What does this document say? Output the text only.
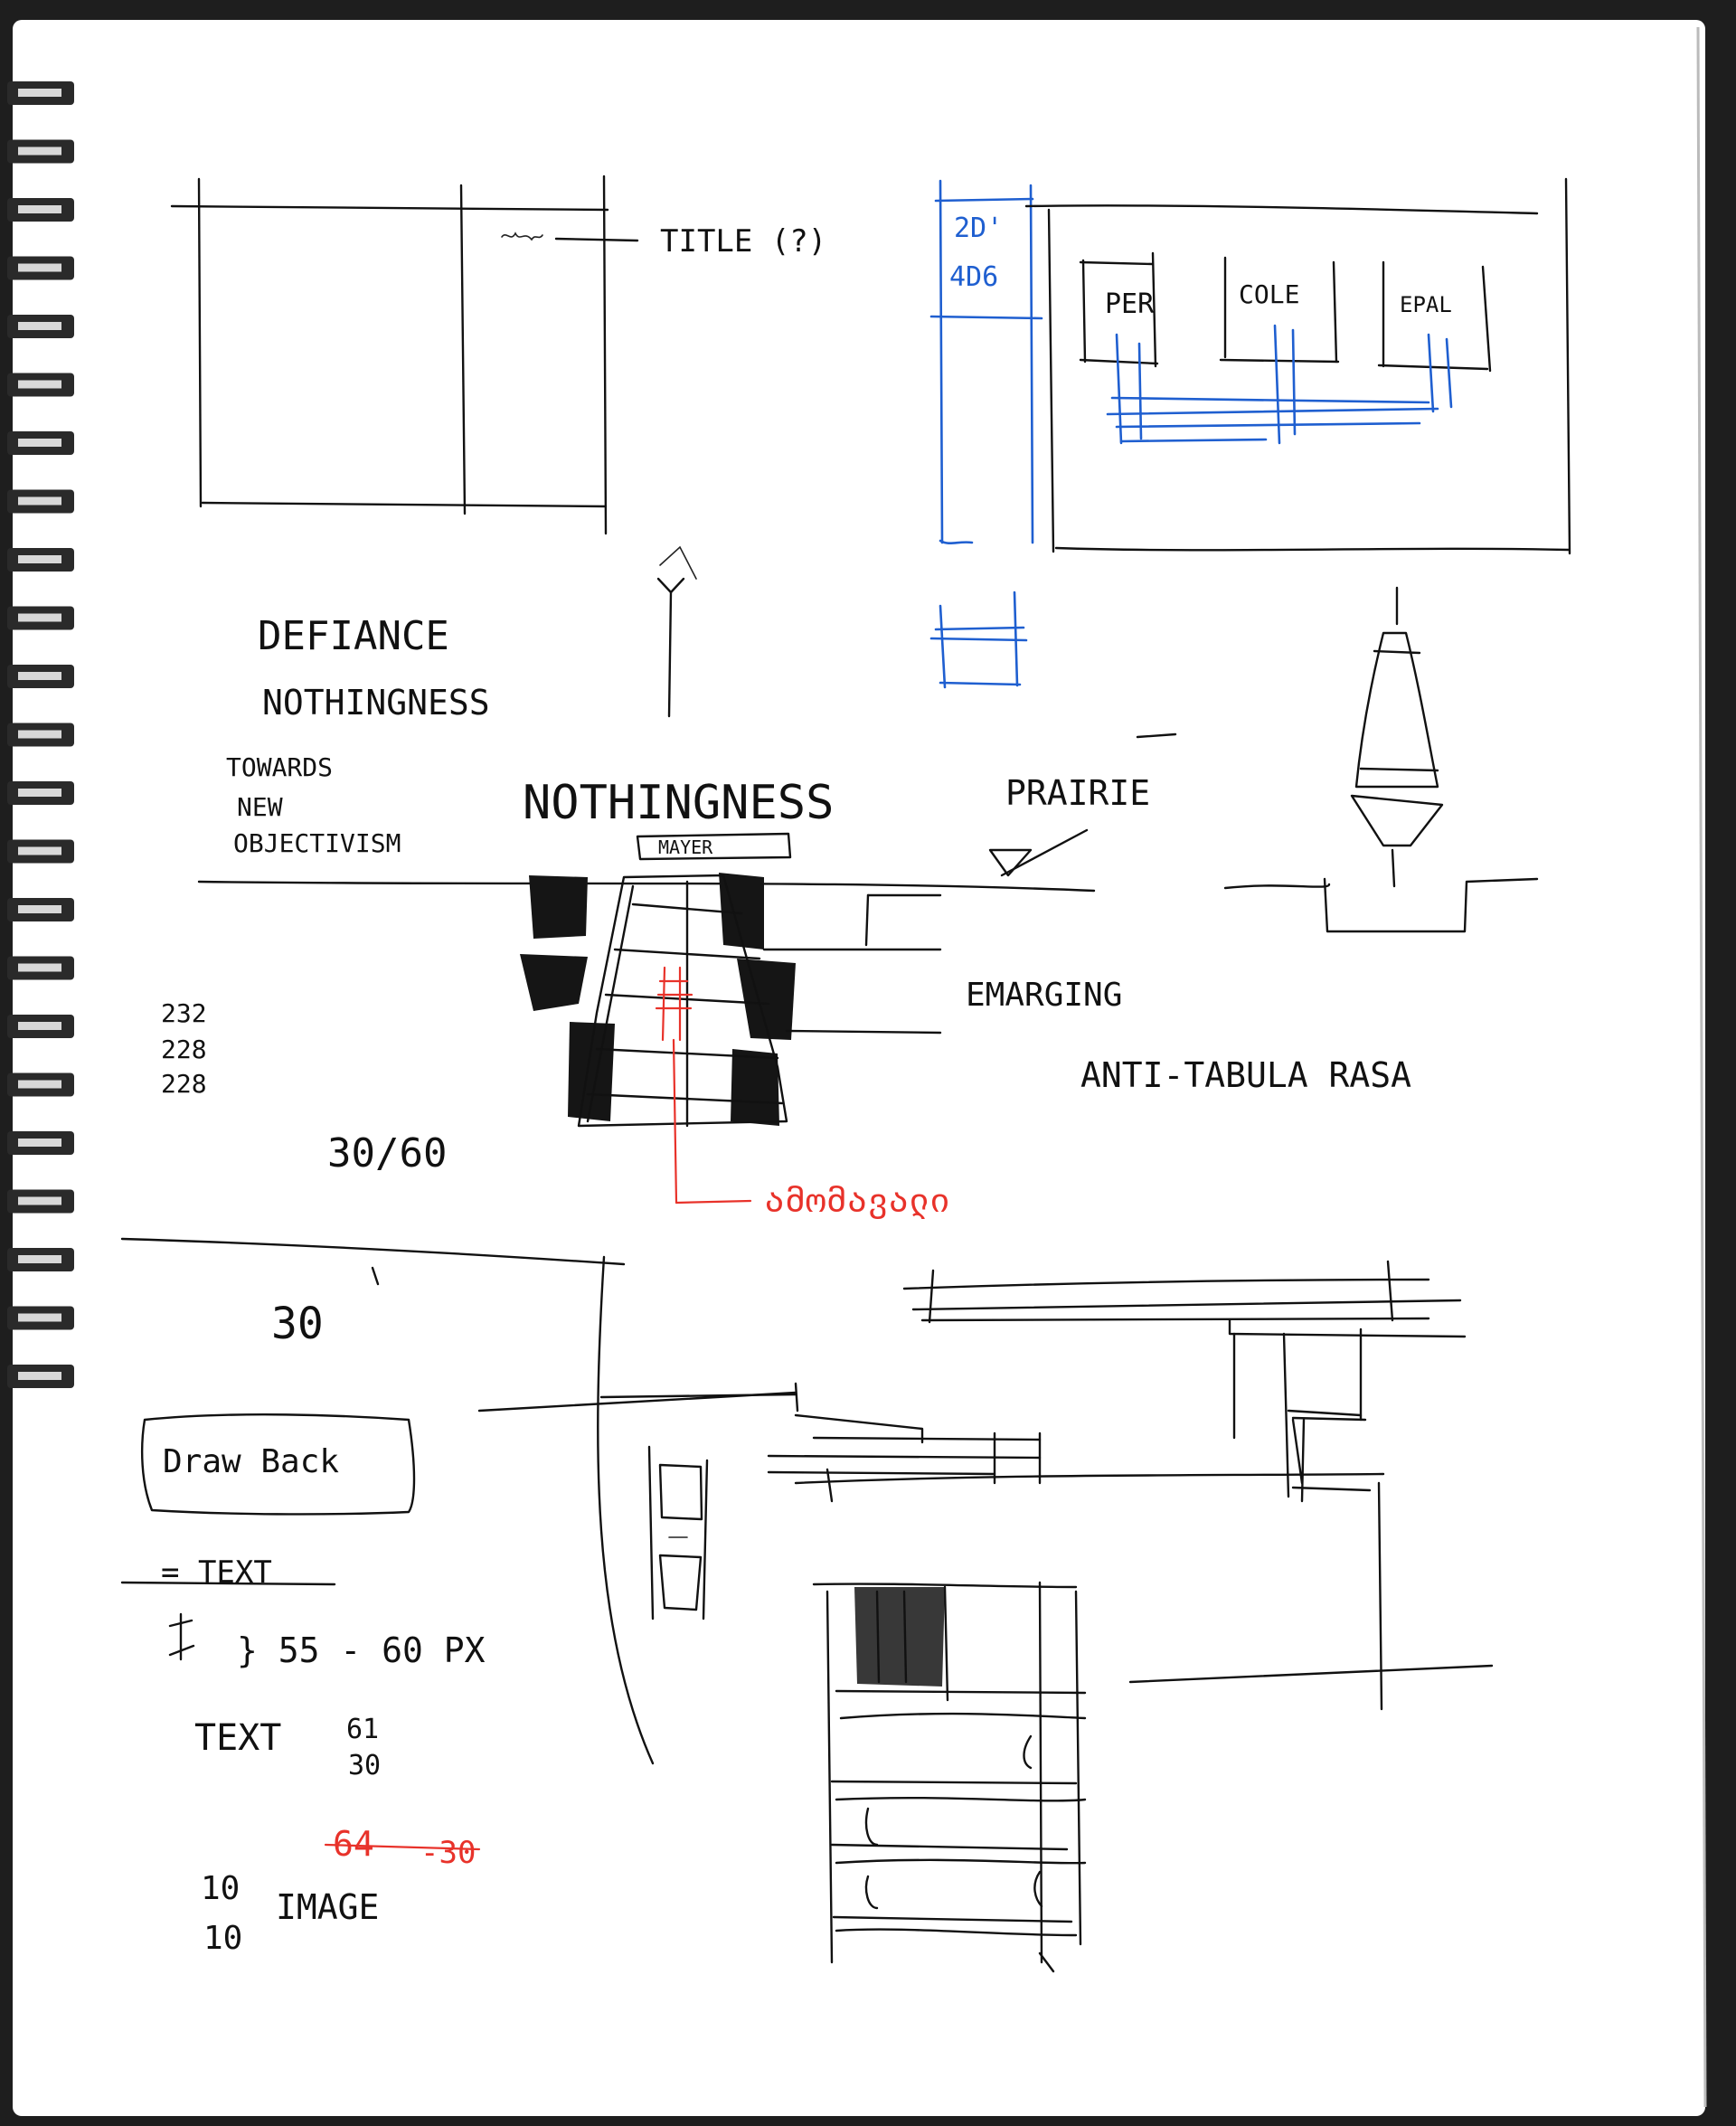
TITLE (?)	2D'
4D6
PER	COLE	EPAL
DEFIANCE
NOTHINGNESS
TOWARDS
NEW
OBJECTIVISM
NOTHINGNESS
MAYER
PRAIRIE
ამომავალი
EMARGING
ANTI-TABULA RASA
232
228
228
30/60
30
Draw Back
= TEXT
} 55 - 60 PX
TEXT 61
30
64 -30
10
10
IMAGE
